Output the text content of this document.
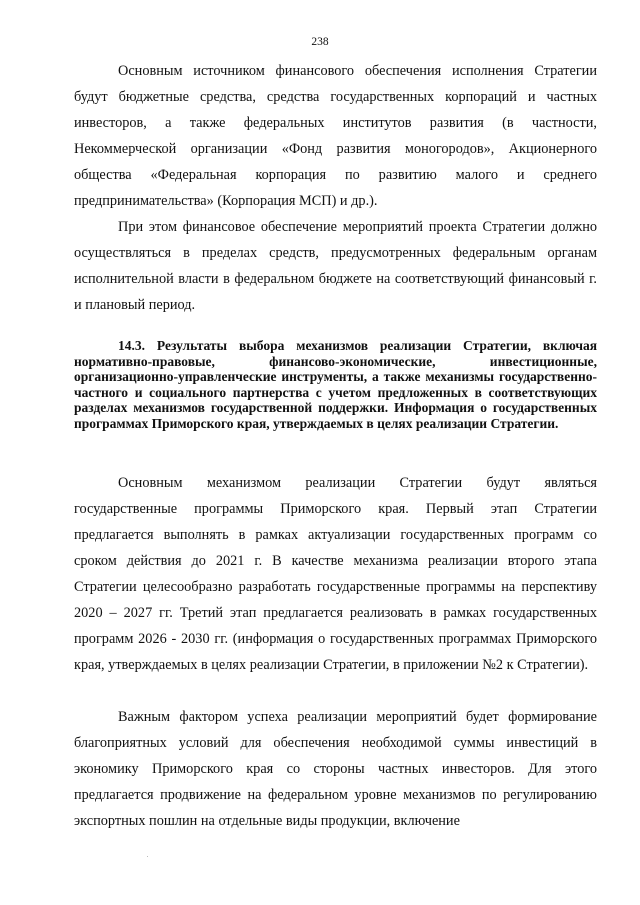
238

Основным источником финансового обеспечения исполнения Стратегии будут бюджетные средства, средства государственных корпораций и частных инвесторов, а также федеральных институтов развития (в частности, Некоммерческой организации «Фонд развития моногородов», Акционерного общества «Федеральная корпорация по развитию малого и среднего предпринимательства» (Корпорация МСП) и др.).

При этом финансовое обеспечение мероприятий проекта Стратегии должно осуществляться в пределах средств, предусмотренных федеральным органам исполнительной власти в федеральном бюджете на соответствующий финансовый г. и плановый период.

14.3. Результаты выбора механизмов реализации Стратегии, включая нормативно-правовые, финансово-экономические, инвестиционные, организационно-управленческие инструменты, а также механизмы государственно-частного и социального партнерства с учетом предложенных в соответствующих разделах механизмов государственной поддержки. Информация о государственных программах Приморского края, утверждаемых в целях реализации Стратегии.

Основным механизмом реализации Стратегии будут являться государственные программы Приморского края. Первый этап Стратегии предлагается выполнять в рамках актуализации государственных программ со сроком действия до 2021 г. В качестве механизма реализации второго этапа Стратегии целесообразно разработать государственные программы на перспективу 2020 – 2027 гг. Третий этап предлагается реализовать в рамках государственных программ 2026 - 2030 гг. (информация о государственных программах Приморского края, утверждаемых в целях реализации Стратегии, в приложении №2 к Стратегии).

Важным фактором успеха реализации мероприятий будет формирование благоприятных условий для обеспечения необходимой суммы инвестиций в экономику Приморского края со стороны частных инвесторов. Для этого предлагается продвижение на федеральном уровне механизмов по регулированию экспортных пошлин на отдельные виды продукции, включение
